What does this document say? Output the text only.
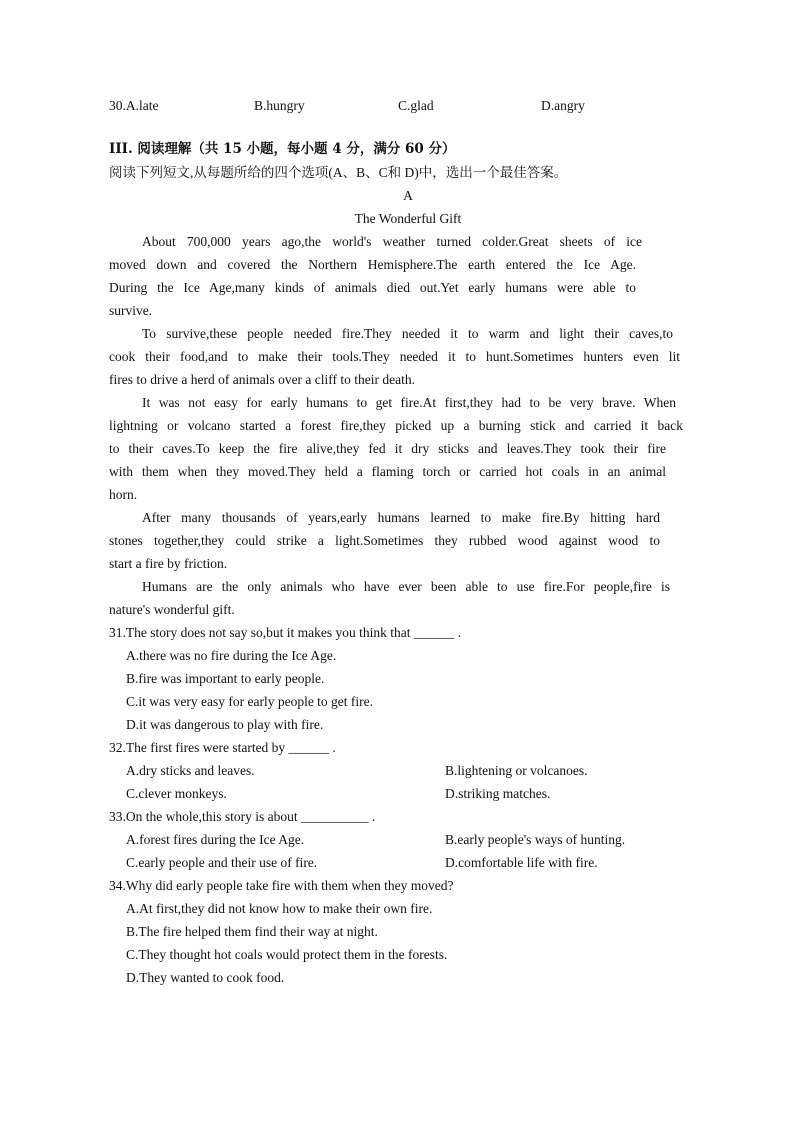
30.A.late	B.hungry	C.glad	D.angry
III. 阅读理解（共 15 小题，每小题 4 分，满分 60 分）
阅读下列短文,从每题所给的四个选项(A、B、C和 D)中，选出一个最佳答案。
A
The Wonderful Gift
About 700,000 years ago,the world's weather turned colder.Great sheets of ice
moved down and covered the Northern Hemisphere.The earth entered the Ice Age.
During the Ice Age,many kinds of animals died out.Yet early humans were able to
survive.
To survive,these people needed fire.They needed it to warm and light their caves,to
cook their food,and to make their tools.They needed it to hunt.Sometimes hunters even lit
fires to drive a herd of animals over a cliff to their death.
It was not easy for early humans to get fire.At first,they had to be very brave. When
lightning or volcano started a forest fire,they picked up a burning stick and carried it back
to their caves.To keep the fire alive,they fed it dry sticks and leaves.They took their fire
with them when they moved.They held a flaming torch or carried hot coals in an animal
horn.
After many thousands of years,early humans learned to make fire.By hitting hard
stones together,they could strike a light.Sometimes they rubbed wood against wood to
start a fire by friction.
Humans are the only animals who have ever been able to use fire.For people,fire is
nature's wonderful gift.
31.The story does not say so,but it makes you think that ______ .
A.there was no fire during the Ice Age.
B.fire was important to early people.
C.it was very easy for early people to get fire.
D.it was dangerous to play with fire.
32.The first fires were started by ______ .
A.dry sticks and leaves.	B.lightening or volcanoes.
C.clever monkeys.	D.striking matches.
33.On the whole,this story is about __________ .
A.forest fires during the Ice Age.	B.early people's ways of hunting.
C.early people and their use of fire.	D.comfortable life with fire.
34.Why did early people take fire with them when they moved?
A.At first,they did not know how to make their own fire.
B.The fire helped them find their way at night.
C.They thought hot coals would protect them in the forests.
D.They wanted to cook food.
